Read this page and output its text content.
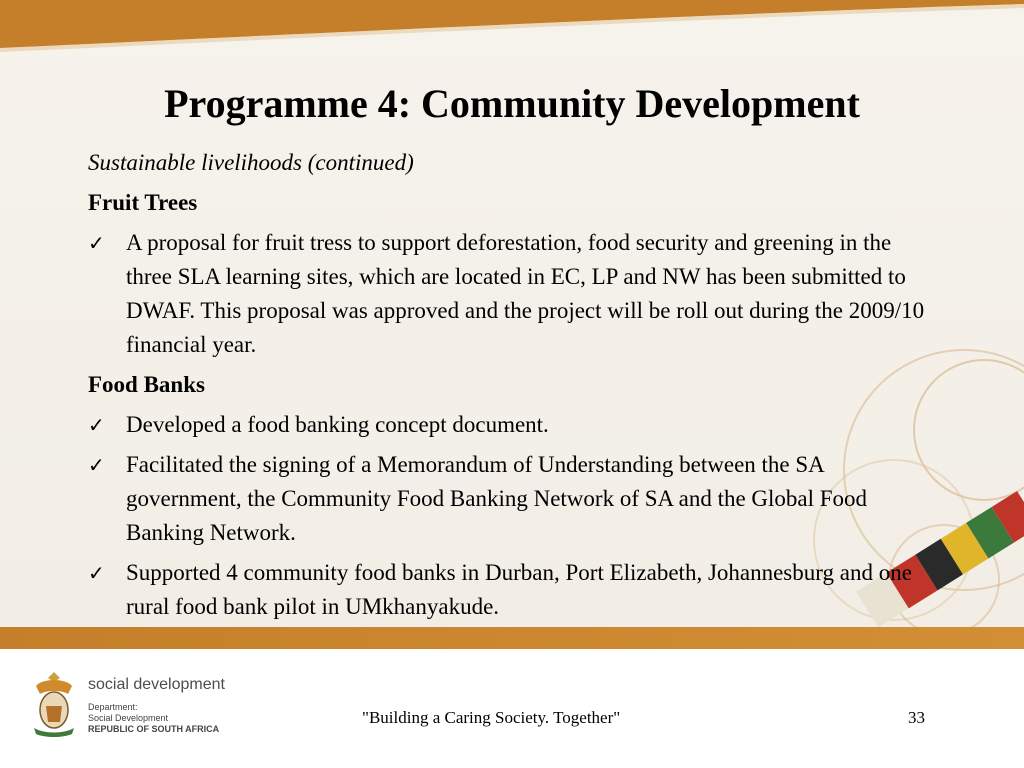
Programme 4: Community Development
Sustainable livelihoods (continued)
Fruit Trees
✓ A proposal for fruit tress to support deforestation, food security and greening in the three SLA learning sites, which are located in EC, LP and NW has been submitted to DWAF. This proposal was approved and the project will be roll out during the 2009/10 financial year.
Food Banks
✓ Developed a food banking concept document.
✓ Facilitated the signing of a Memorandum of Understanding between the SA government, the Community Food Banking Network of SA and the Global Food Banking Network.
✓ Supported 4 community food banks in Durban, Port Elizabeth, Johannesburg and one rural food bank pilot in UMkhanyakude.
social development
Department:
Social Development
REPUBLIC OF SOUTH AFRICA
"Building a Caring Society. Together"	33
